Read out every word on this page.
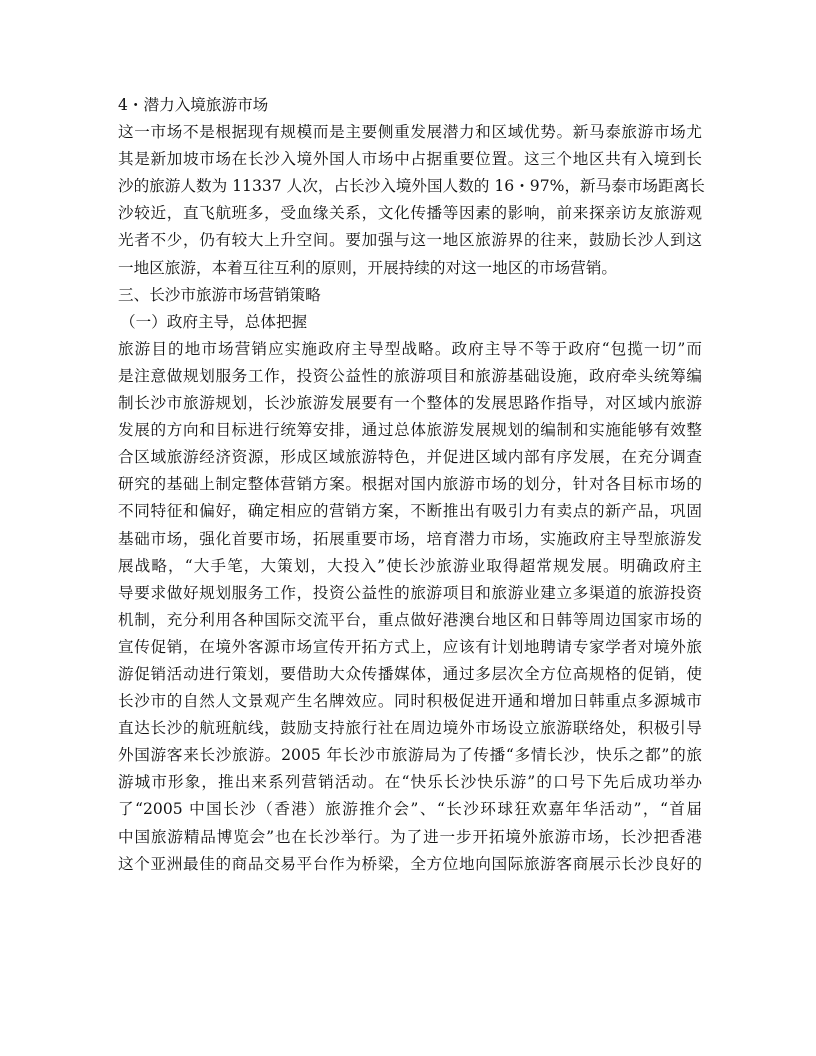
4・潜力入境旅游市场
这一市场不是根据现有规模而是主要侧重发展潜力和区域优势。新马泰旅游市场尤
其是新加坡市场在长沙入境外国人市场中占据重要位置。这三个地区共有入境到长
沙的旅游人数为 11337 人次，占长沙入境外国人数的 16・97%，新马泰市场距离长
沙较近，直飞航班多，受血缘关系，文化传播等因素的影响，前来探亲访友旅游观
光者不少，仍有较大上升空间。要加强与这一地区旅游界的往来，鼓励长沙人到这
一地区旅游，本着互往互利的原则，开展持续的对这一地区的市场营销。
三、长沙市旅游市场营销策略
（一）政府主导，总体把握
旅游目的地市场营销应实施政府主导型战略。政府主导不等于政府“包揽一切”而
是注意做规划服务工作，投资公益性的旅游项目和旅游基础设施，政府牵头统筹编
制长沙市旅游规划，长沙旅游发展要有一个整体的发展思路作指导，对区域内旅游
发展的方向和目标进行统筹安排，通过总体旅游发展规划的编制和实施能够有效整
合区域旅游经济资源，形成区域旅游特色，并促进区域内部有序发展，在充分调查
研究的基础上制定整体营销方案。根据对国内旅游市场的划分，针对各目标市场的
不同特征和偏好，确定相应的营销方案，不断推出有吸引力有卖点的新产品，巩固
基础市场，强化首要市场，拓展重要市场，培育潜力市场，实施政府主导型旅游发
展战略，“大手笔，大策划，大投入”使长沙旅游业取得超常规发展。明确政府主
导要求做好规划服务工作，投资公益性的旅游项目和旅游业建立多渠道的旅游投资
机制，充分利用各种国际交流平台，重点做好港澳台地区和日韩等周边国家市场的
宣传促销，在境外客源市场宣传开拓方式上，应该有计划地聘请专家学者对境外旅
游促销活动进行策划，要借助大众传播媒体，通过多层次全方位高规格的促销，使
长沙市的自然人文景观产生名牌效应。同时积极促进开通和增加日韩重点多源城市
直达长沙的航班航线，鼓励支持旅行社在周边境外市场设立旅游联络处，积极引导
外国游客来长沙旅游。2005 年长沙市旅游局为了传播“多情长沙，快乐之都”的旅
游城市形象，推出来系列营销活动。在“快乐长沙快乐游”的口号下先后成功举办
了“2005 中国长沙（香港）旅游推介会”、“长沙环球狂欢嘉年华活动”，“首届
中国旅游精品博览会”也在长沙举行。为了进一步开拓境外旅游市场，长沙把香港
这个亚洲最佳的商品交易平台作为桥梁，全方位地向国际旅游客商展示长沙良好的
